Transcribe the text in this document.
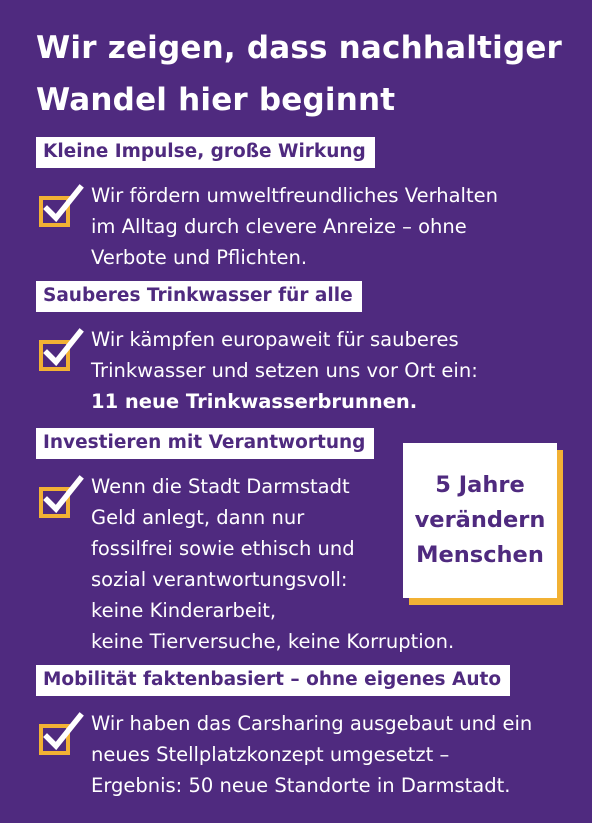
Wir zeigen, dass nachhaltiger Wandel hier beginnt
Kleine Impulse, große Wirkung
Wir fördern umweltfreundliches Verhalten
im Alltag durch clevere Anreize – ohne
Verbote und Pflichten.
Sauberes Trinkwasser für alle
Wir kämpfen europaweit für sauberes
Trinkwasser und setzen uns vor Ort ein:
11 neue Trinkwasserbrunnen.
Investieren mit Verantwortung
Wenn die Stadt Darmstadt
Geld anlegt, dann nur
fossilfrei sowie ethisch und
sozial verantwortungsvoll:
keine Kinderarbeit,
keine Tierversuche, keine Korruption.
5 Jahre
verändern
Menschen
Mobilität faktenbasiert – ohne eigenes Auto
Wir haben das Carsharing ausgebaut und ein
neues Stellplatzkonzept umgesetzt –
Ergebnis: 50 neue Standorte in Darmstadt.
